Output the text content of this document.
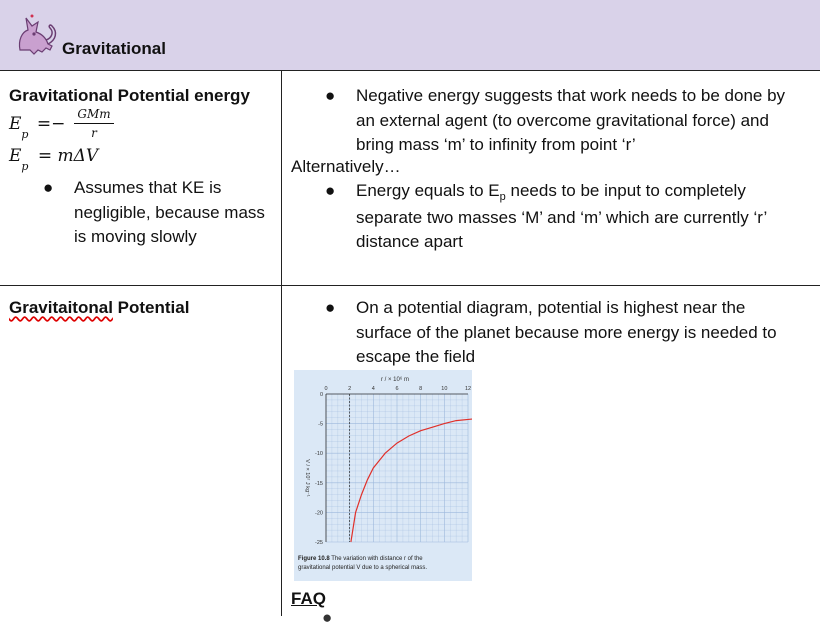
Gravitational
Gravitational Potential energy
$E_p$ =− GMm
r
$E_p = m\Delta V$
● Assumes that KE is
negligible, because mass
is moving slowly
● Negative energy suggests that work needs to be done by
an external agent (to overcome gravitational force) and
bring mass ‘m’ to infinity from point ‘r’
Alternatively…
● Energy equals to $E_p$ needs to be input to completely
separate two masses ‘M’ and ‘m’ which are currently ‘r’
distance apart
Gravitaitonal Potential	● On a potential diagram, potential is highest near the
surface of the planet because more energy is needed to
escape the field
r / × 10⁶ m
V / × 10⁷ J kg⁻¹
0	2	4	6	8	10	12
0
-5
-10
-15
-20
-25
Figure 10.8 The variation with distance r of the
gravitational potential V due to a spherical mass.
FAQ
●
